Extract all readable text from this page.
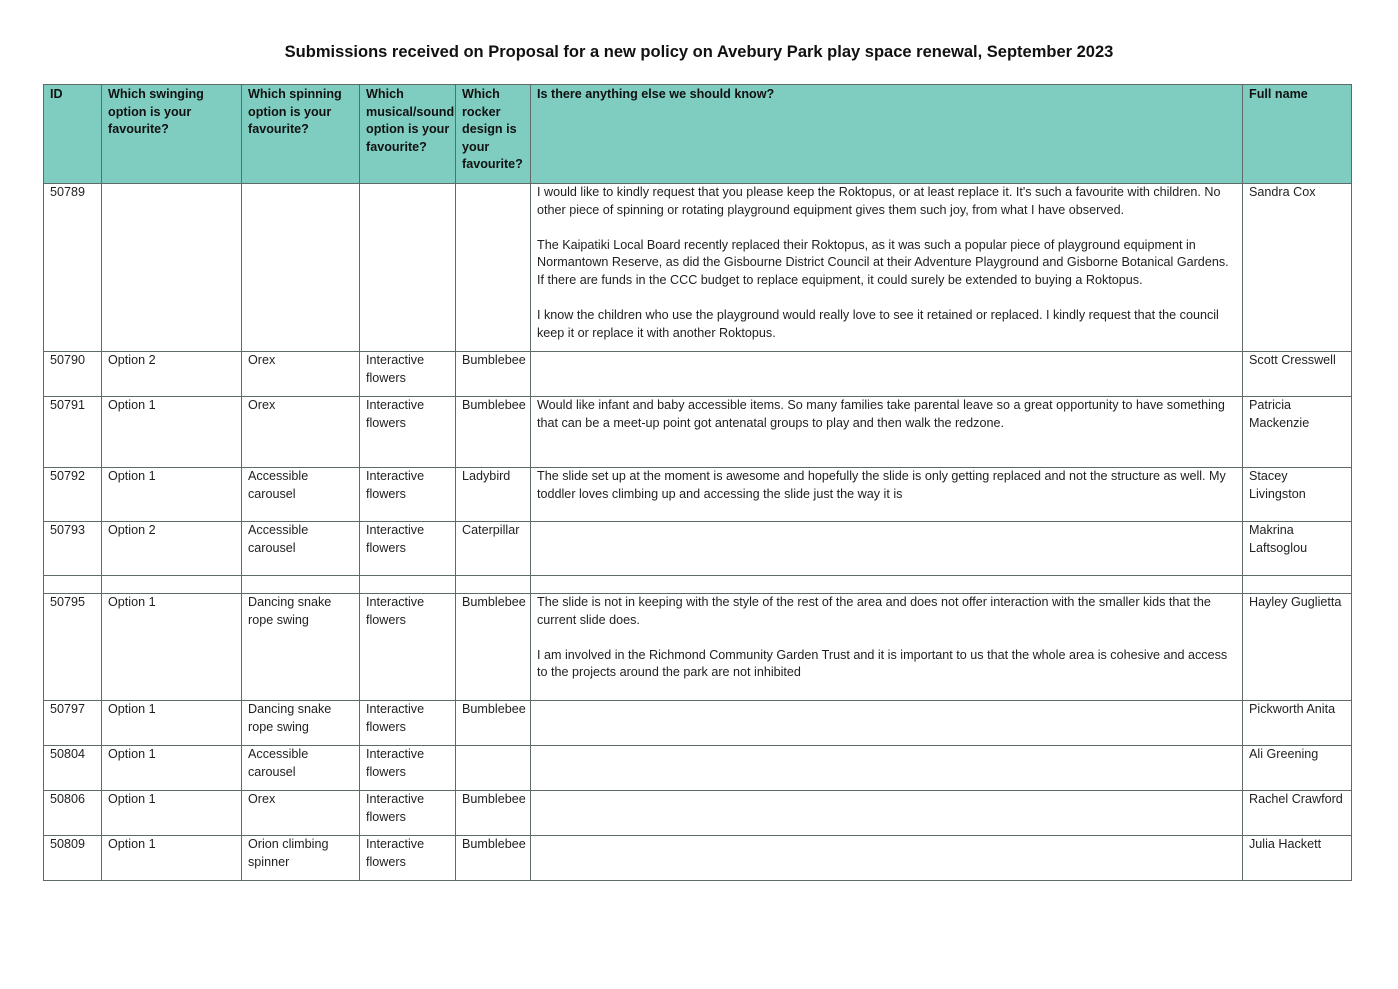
Submissions received on Proposal for a new policy on Avebury Park play space renewal, September 2023
ID	Which swinging option is your favourite?	Which spinning option is your favourite?	Which musical/sound option is your favourite?	Which rocker design is your favourite?	Is there anything else we should know?	Full name
50789					I would like to kindly request that you please keep the Roktopus, or at least replace it. It's such a favourite with children. No other piece of spinning or rotating playground equipment gives them such joy, from what I have observed.

The Kaipatiki Local Board recently replaced their Roktopus, as it was such a popular piece of playground equipment in Normantown Reserve, as did the Gisbourne District Council at their Adventure Playground and Gisborne Botanical Gardens. If there are funds in the CCC budget to replace equipment, it could surely be extended to buying a Roktopus.

I know the children who use the playground would really love to see it retained or replaced. I kindly request that the council keep it or replace it with another Roktopus.	Sandra Cox
50790	Option 2	Orex	Interactive flowers	Bumblebee		Scott Cresswell
50791	Option 1	Orex	Interactive flowers	Bumblebee	Would like infant and baby accessible items. So many families take parental leave so a great opportunity to have something that can be a meet-up point got antenatal groups to play and then walk the redzone.	Patricia Mackenzie
50792	Option 1	Accessible carousel	Interactive flowers	Ladybird	The slide set up at the moment is awesome and hopefully the slide is only getting replaced and not the structure as well. My toddler loves climbing up and accessing the slide just the way it is	Stacey Livingston
50793	Option 2	Accessible carousel	Interactive flowers	Caterpillar		Makrina Laftsoglou

50795	Option 1	Dancing snake rope swing	Interactive flowers	Bumblebee	The slide is not in keeping with the style of the rest of the area and does not offer interaction with the smaller kids that the current slide does.

I am involved in the Richmond Community Garden Trust and it is important to us that the whole area is cohesive and access to the projects around the park are not inhibited	Hayley Guglietta
50797	Option 1	Dancing snake rope swing	Interactive flowers	Bumblebee		Pickworth Anita
50804	Option 1	Accessible carousel	Interactive flowers			Ali Greening
50806	Option 1	Orex	Interactive flowers	Bumblebee		Rachel Crawford
50809	Option 1	Orion climbing spinner	Interactive flowers	Bumblebee		Julia Hackett
